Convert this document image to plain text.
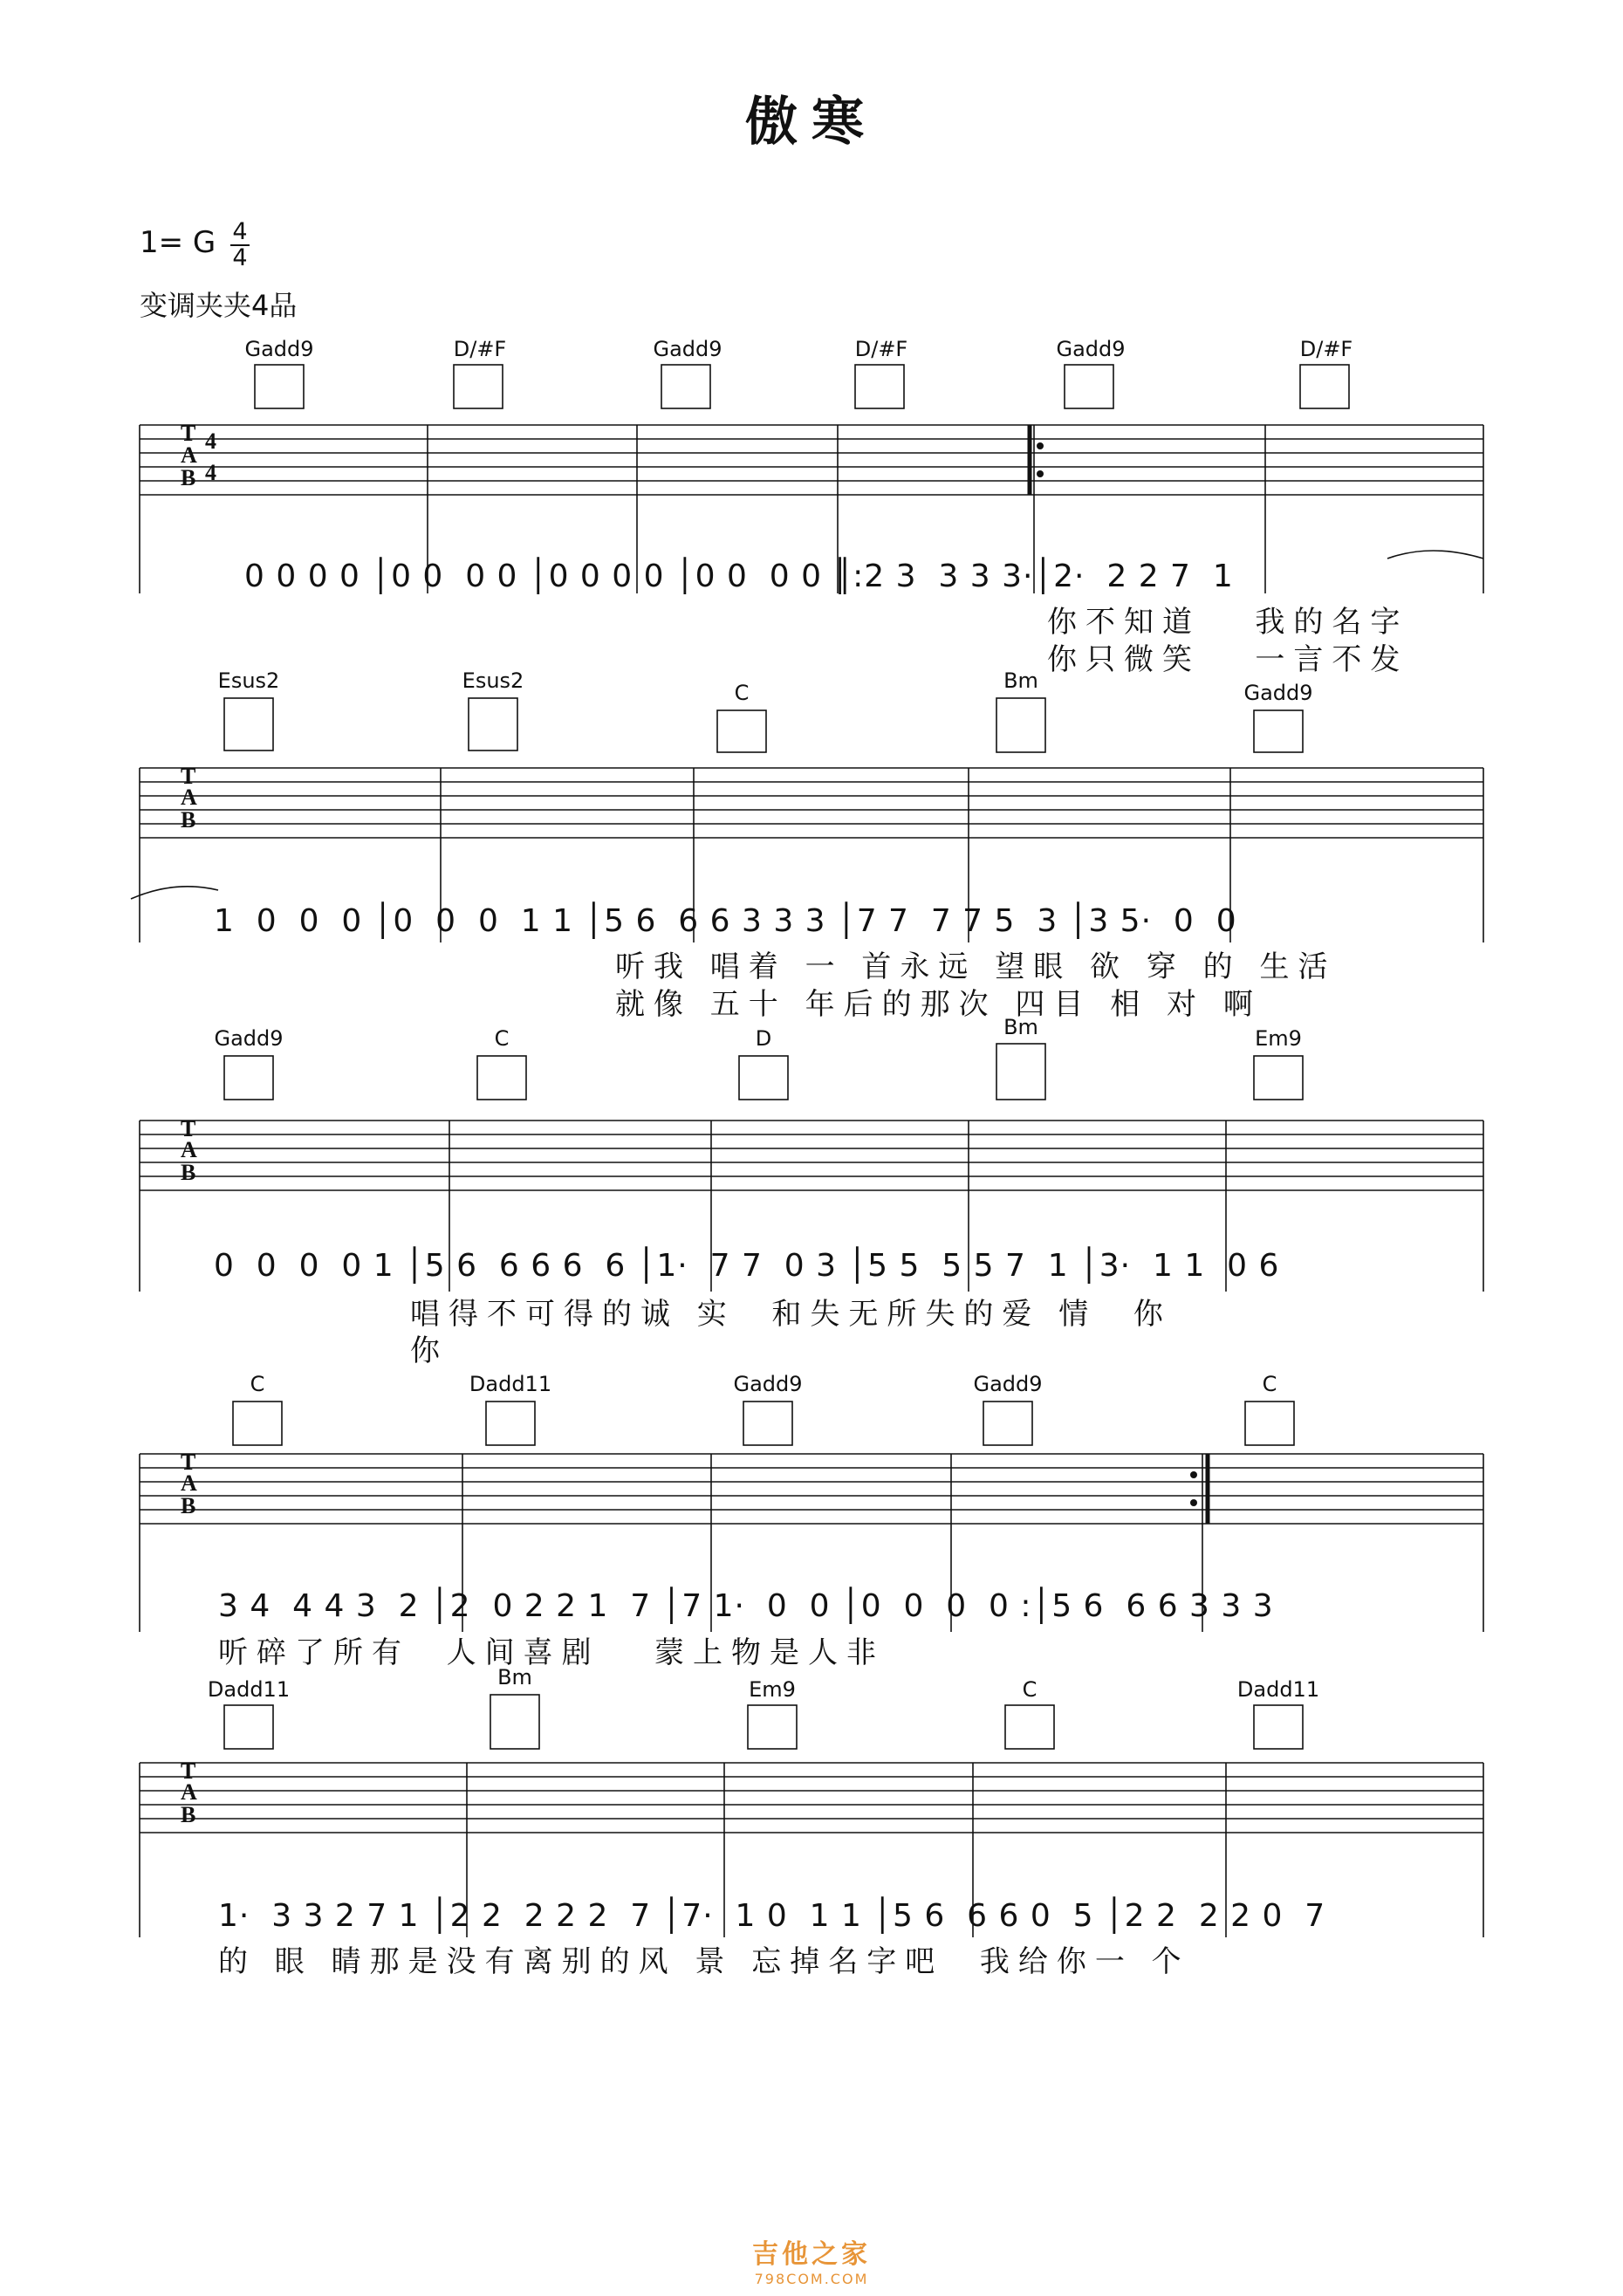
傲寒
1= G 4
4
变调夹夹4品
Gadd9	D/#F	Gadd9	D/#F	Gadd9	D/#F
T
A
B
4
4
0 0 0 0 │0 0  0 0 │0 0 0 0 │0 0  0 0 ║:2 3  3 3 3·│2·  2 2 7  1
你不知道   我的名字
你只微笑   一言不发
Esus2	Esus2	C	Bm	Gadd9
T
A
B
1  0  0  0 │0  0  0  1 1 │5 6  6 6 3 3 3 │7 7  7 7 5  3 │3 5·  0  0
听我 唱着 一 首永远 望眼 欲 穿 的 生活
就像 五十 年后的那次 四目 相 对 啊
Gadd9	C	D	Bm	Em9
T
A
B
0  0  0  0 1 │5 6  6 6 6  6 │1·  7 7  0 3 │5 5  5 5 7  1 │3·  1 1  0 6
唱得不可得的诚 实  和失无所失的爱 情  你
你
C	Dadd11	Gadd9	Gadd9	C
T
A
B
3 4  4 4 3  2 │2  0 2 2 1  7 │7 1·  0  0 │0  0  0  0 :│5 6  6 6 3 3 3
听碎了所有  人间喜剧   蒙上物是人非
Dadd11	Bm	Em9	C	Dadd11
T
A
B
1·  3 3 2 7 1 │2 2  2 2 2  7 │7·  1 0  1 1 │5 6  6 6 0  5 │2 2  2 2 0  7
的 眼 睛那是没有离别的风 景 忘掉名字吧  我给你一 个
吉他之家
798COM.COM
